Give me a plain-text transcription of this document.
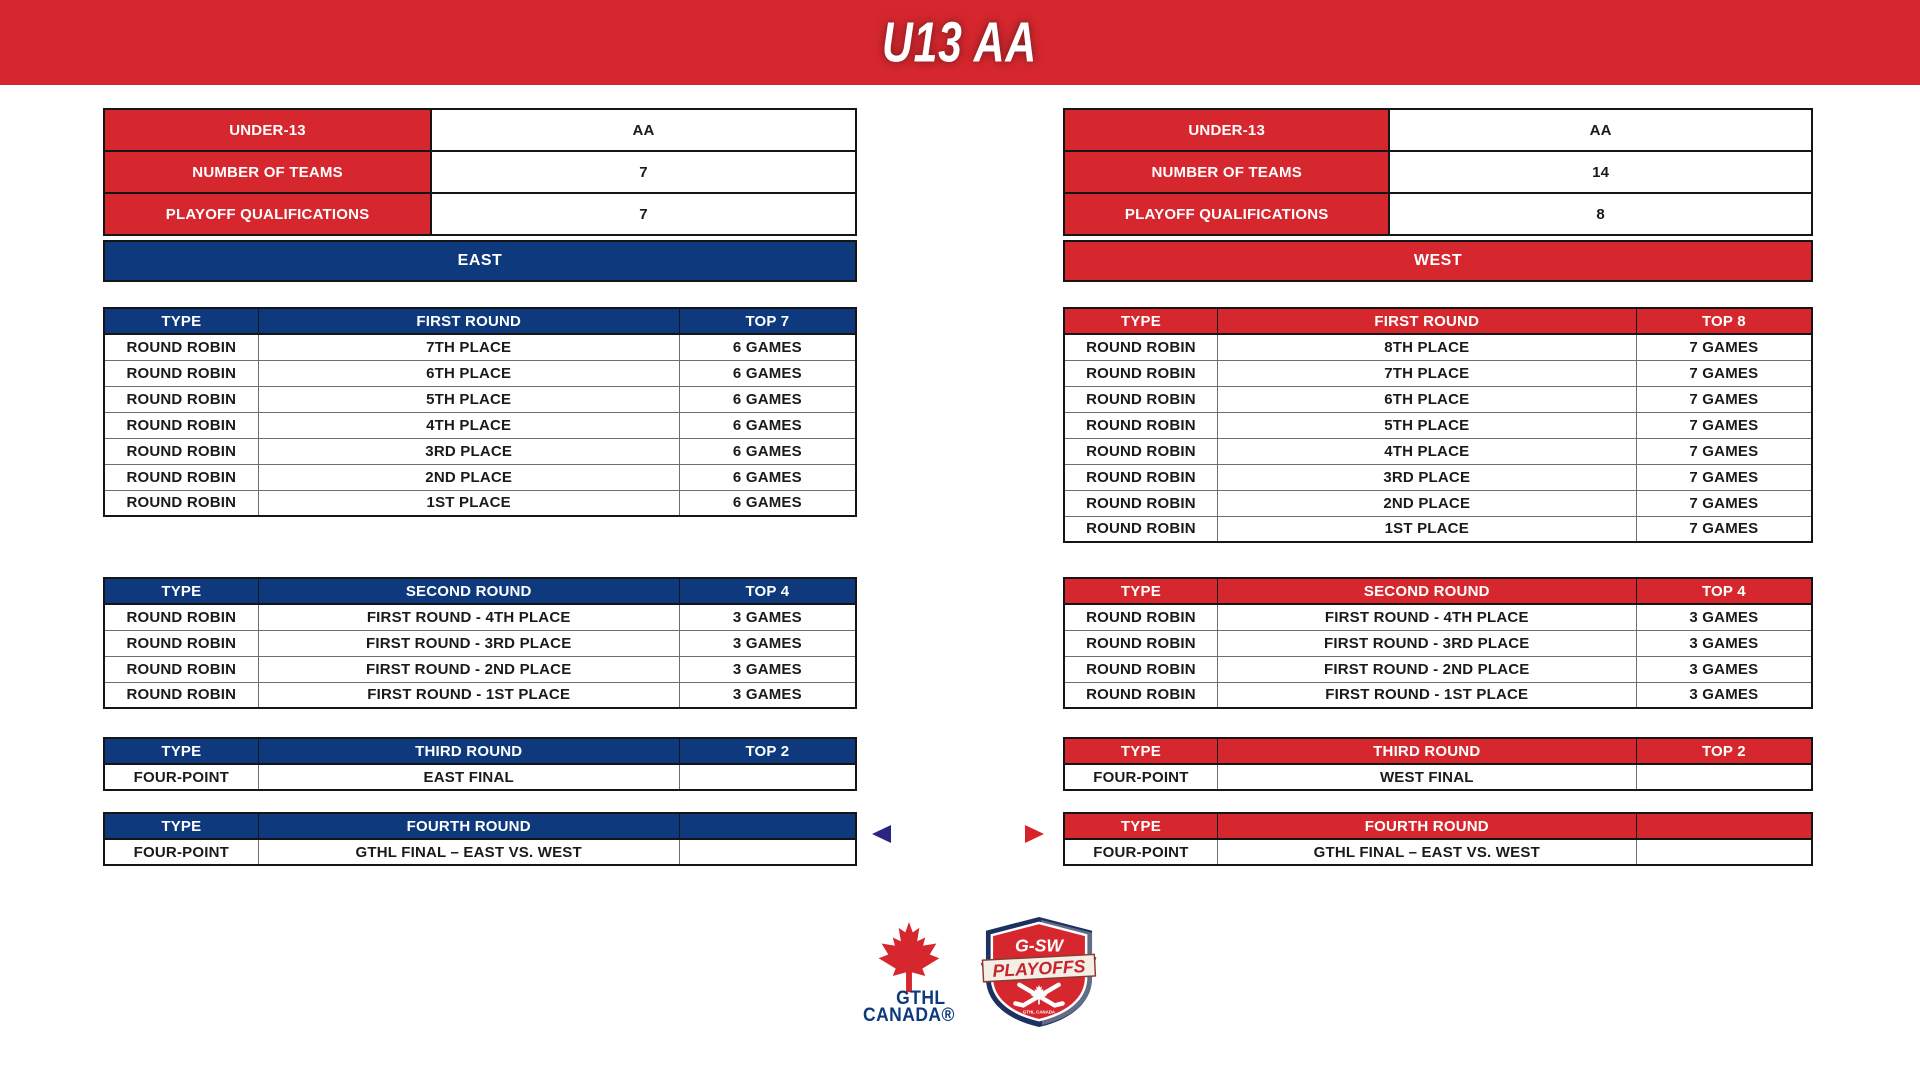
U13 AA
UNDER-13	AA
NUMBER OF TEAMS	7
PLAYOFF QUALIFICATIONS	7
EAST
TYPE	FIRST ROUND	TOP 7
ROUND ROBIN	7TH PLACE	6 GAMES
ROUND ROBIN	6TH PLACE	6 GAMES
ROUND ROBIN	5TH PLACE	6 GAMES
ROUND ROBIN	4TH PLACE	6 GAMES
ROUND ROBIN	3RD PLACE	6 GAMES
ROUND ROBIN	2ND PLACE	6 GAMES
ROUND ROBIN	1ST PLACE	6 GAMES
TYPE	SECOND ROUND	TOP 4
ROUND ROBIN	FIRST ROUND - 4TH PLACE	3 GAMES
ROUND ROBIN	FIRST ROUND - 3RD PLACE	3 GAMES
ROUND ROBIN	FIRST ROUND - 2ND PLACE	3 GAMES
ROUND ROBIN	FIRST ROUND - 1ST PLACE	3 GAMES
TYPE	THIRD ROUND	TOP 2
FOUR-POINT	EAST FINAL	
TYPE	FOURTH ROUND	
FOUR-POINT	GTHL FINAL – EAST VS. WEST	
UNDER-13	AA
NUMBER OF TEAMS	14
PLAYOFF QUALIFICATIONS	8
WEST
TYPE	FIRST ROUND	TOP 8
ROUND ROBIN	8TH PLACE	7 GAMES
ROUND ROBIN	7TH PLACE	7 GAMES
ROUND ROBIN	6TH PLACE	7 GAMES
ROUND ROBIN	5TH PLACE	7 GAMES
ROUND ROBIN	4TH PLACE	7 GAMES
ROUND ROBIN	3RD PLACE	7 GAMES
ROUND ROBIN	2ND PLACE	7 GAMES
ROUND ROBIN	1ST PLACE	7 GAMES
TYPE	SECOND ROUND	TOP 4
ROUND ROBIN	FIRST ROUND - 4TH PLACE	3 GAMES
ROUND ROBIN	FIRST ROUND - 3RD PLACE	3 GAMES
ROUND ROBIN	FIRST ROUND - 2ND PLACE	3 GAMES
ROUND ROBIN	FIRST ROUND - 1ST PLACE	3 GAMES
TYPE	THIRD ROUND	TOP 2
FOUR-POINT	WEST FINAL	
TYPE	FOURTH ROUND	
FOUR-POINT	GTHL FINAL – EAST VS. WEST	
GTHL
CANADA®
G-SW
PLAYOFFS
GTHL CANADA
